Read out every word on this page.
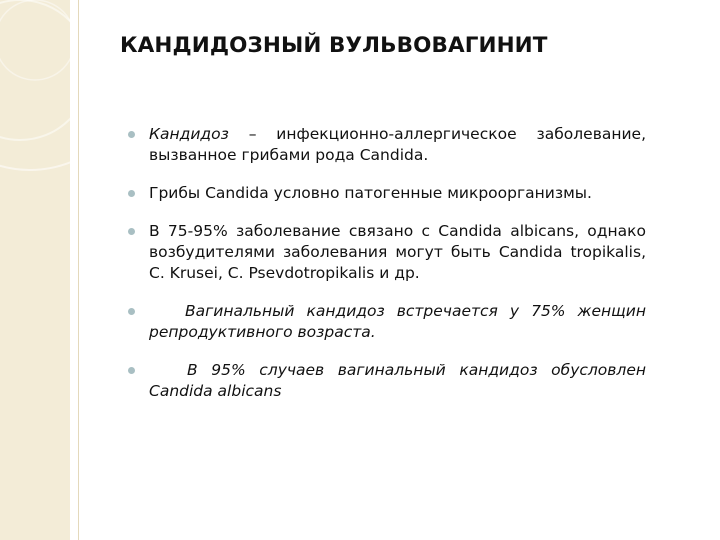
КАНДИДОЗНЫЙ ВУЛЬВОВАГИНИТ
Кандидоз – инфекционно-аллергическое заболевание, вызванное грибами рода Candida.
Грибы Candida условно патогенные микроорганизмы.
В 75-95% заболевание связано с Candida albicans, однако возбудителями заболевания могут быть Candida tropikalis, C. Krusei, C. Psevdotropikalis и др.
Вагинальный кандидоз встречается у 75% женщин репродуктивного возраста.
В 95% случаев вагинальный кандидоз обусловлен Candida albicans
